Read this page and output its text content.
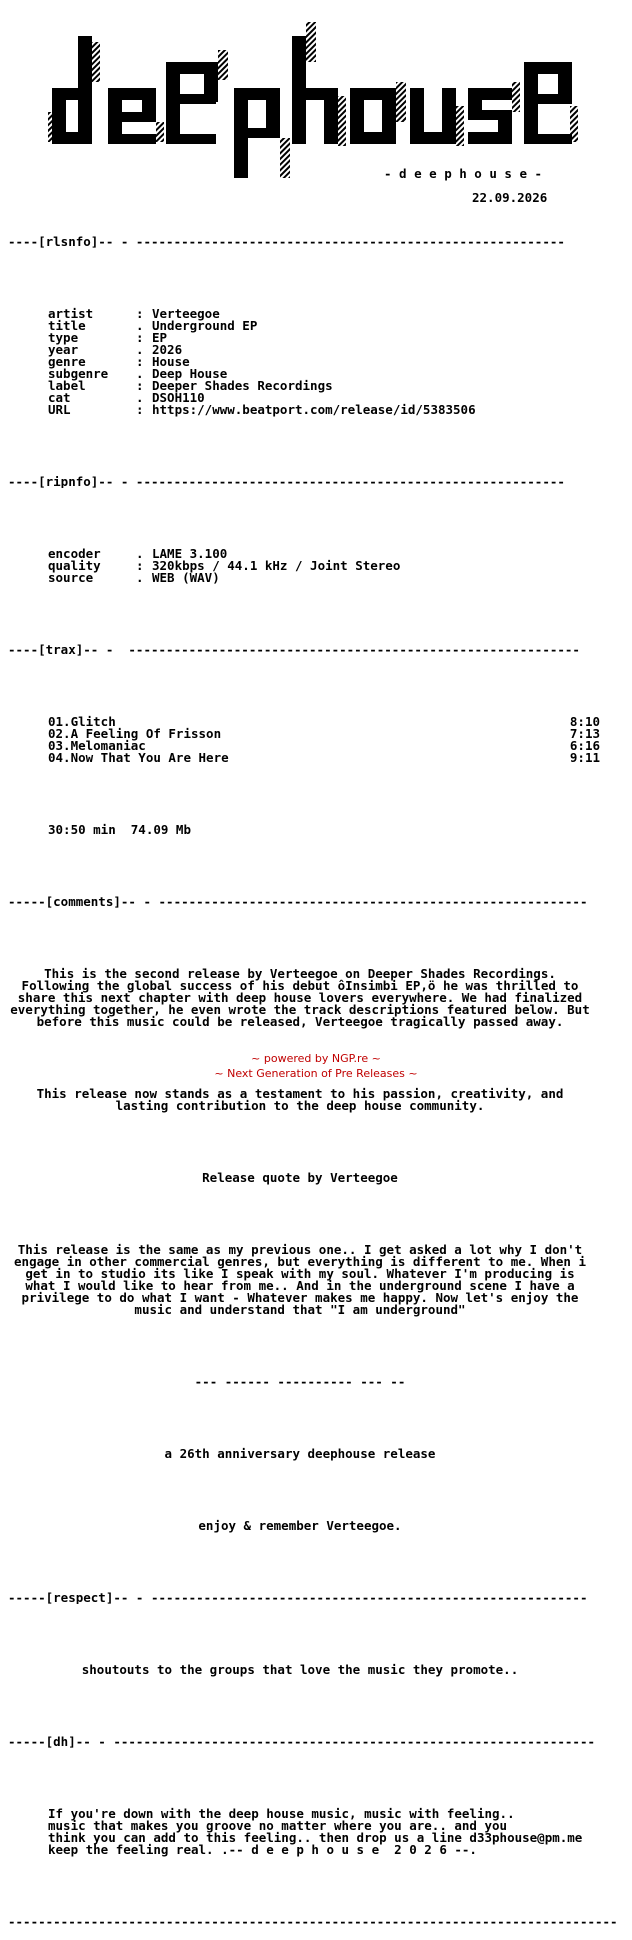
- d e e p h o u s e -
22.09.2026

----[rlsnfo]-- - ---------------------------------------------------------

artist	: Verteegoe
title	. Underground EP
type	: EP
year	. 2026
genre	: House
subgenre	. Deep House
label	: Deeper Shades Recordings
cat	. DSOH110
URL	: https://www.beatport.com/release/id/5383506

----[ripnfo]-- - ---------------------------------------------------------

encoder	. LAME 3.100
quality	: 320kbps / 44.1 kHz / Joint Stereo
source	. WEB (WAV)

----[trax]-- -  ------------------------------------------------------------

01.Glitch	8:10
02.A Feeling Of Frisson	7:13
03.Melomaniac	6:16
04.Now That You Are Here	9:11

30:50 min  74.09 Mb

-----[comments]-- - ---------------------------------------------------------

This is the second release by Verteegoe on Deeper Shades Recordings. Following the global success of his debut ôInsimbi EP,ö he was thrilled to share this next chapter with deep house lovers everywhere. We had finalized everything together, he even wrote the track descriptions featured below. But before this music could be released, Verteegoe tragically passed away.

This release now stands as a testament to his passion, creativity, and lasting contribution to the deep house community.

Release quote by Verteegoe

This release is the same as my previous one.. I get asked a lot why I don't engage in other commercial genres, but everything is different to me. When i get in to studio its like I speak with my soul. Whatever I'm producing is what I would like to hear from me.. And in the underground scene I have a privilege to do what I want - Whatever makes me happy. Now let's enjoy the music and understand that "I am underground"

--- ------ ---------- --- --

a 26th anniversary deephouse release

enjoy & remember Verteegoe.

-----[respect]-- - ----------------------------------------------------------

shoutouts to the groups that love the music they promote..

-----[dh]-- - ----------------------------------------------------------------

If you're down with the deep house music, music with feeling..
music that makes you groove no matter where you are.. and you
think you can add to this feeling.. then drop us a line d33phouse@pm.me
keep the feeling real. .-- d e e p h o u s e  2 0 2 6 --.

---------------------------------------------------------------------------------

~ powered by NGP.re ~
~ Next Generation of Pre Releases ~
